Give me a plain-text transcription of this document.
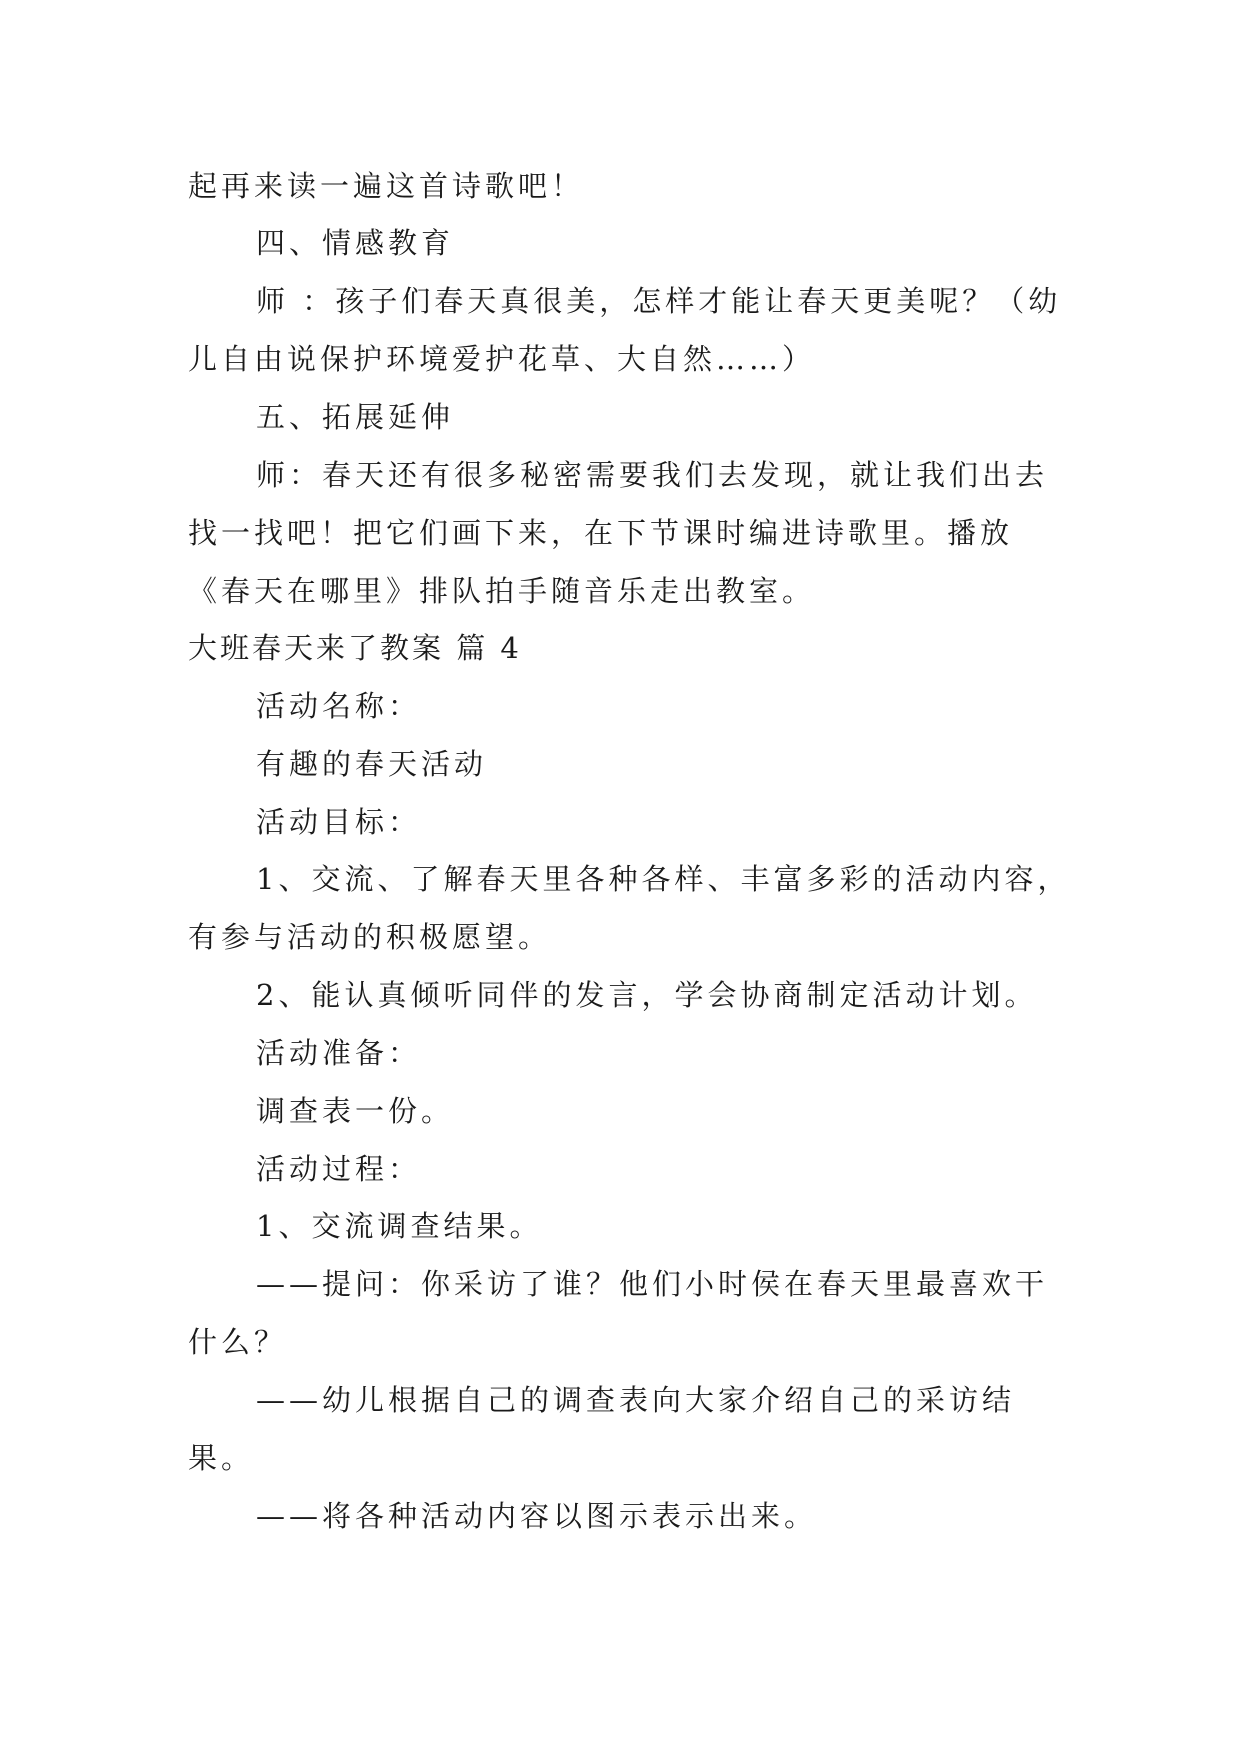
起再来读一遍这首诗歌吧！

四、情感教育

师 ：孩子们春天真很美，怎样才能让春天更美呢？（幼

儿自由说保护环境爱护花草、大自然……）

五、拓展延伸

师：春天还有很多秘密需要我们去发现，就让我们出去

找一找吧！把它们画下来，在下节课时编进诗歌里。播放

《春天在哪里》排队拍手随音乐走出教室。

大班春天来了教案 篇 4

活动名称：

有趣的春天活动

活动目标：

1、交流、了解春天里各种各样、丰富多彩的活动内容，

有参与活动的积极愿望。

2、能认真倾听同伴的发言，学会协商制定活动计划。

活动准备：

调查表一份。

活动过程：

1、交流调查结果。

——提问：你采访了谁？他们小时侯在春天里最喜欢干

什么？

——幼儿根据自己的调查表向大家介绍自己的采访结

果。

——将各种活动内容以图示表示出来。
